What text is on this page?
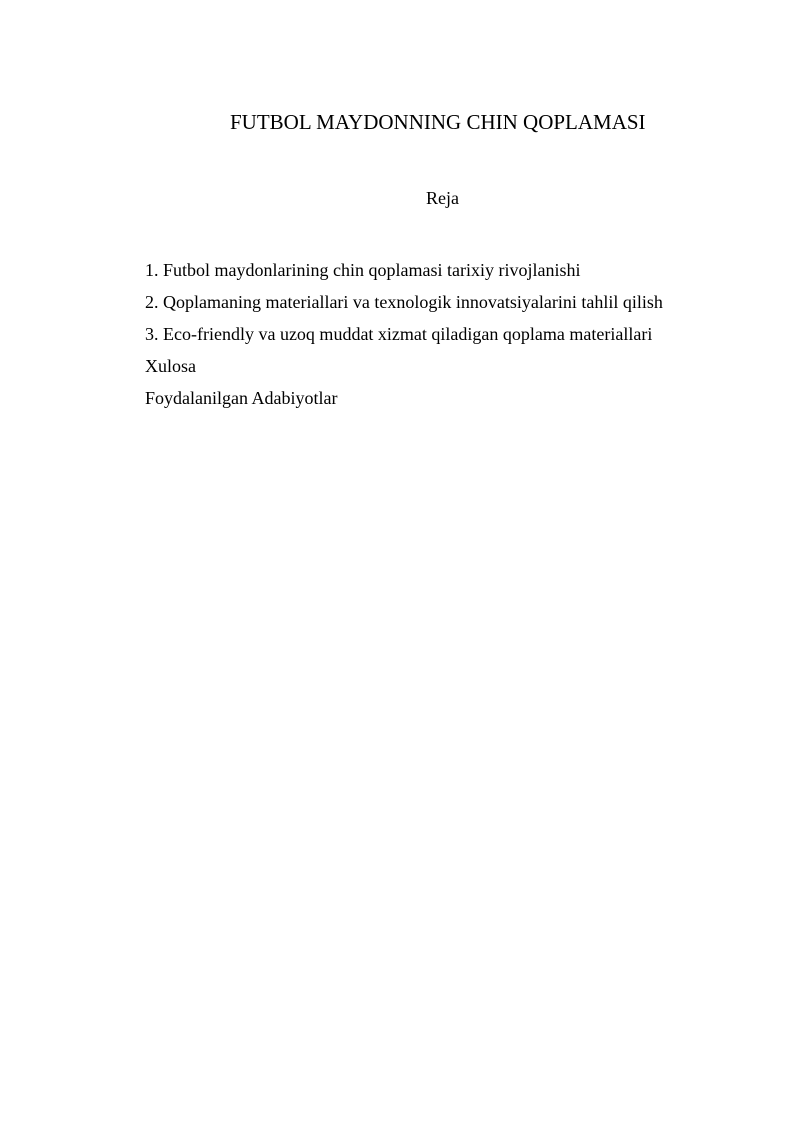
FUTBOL MAYDONNING CHIN QOPLAMASI
Reja
1. Futbol maydonlarining chin qoplamasi tarixiy rivojlanishi
2. Qoplamaning materiallari va texnologik innovatsiyalarini tahlil qilish
3. Eco-friendly va uzoq muddat xizmat qiladigan qoplama materiallari
Xulosa
Foydalanilgan Adabiyotlar
